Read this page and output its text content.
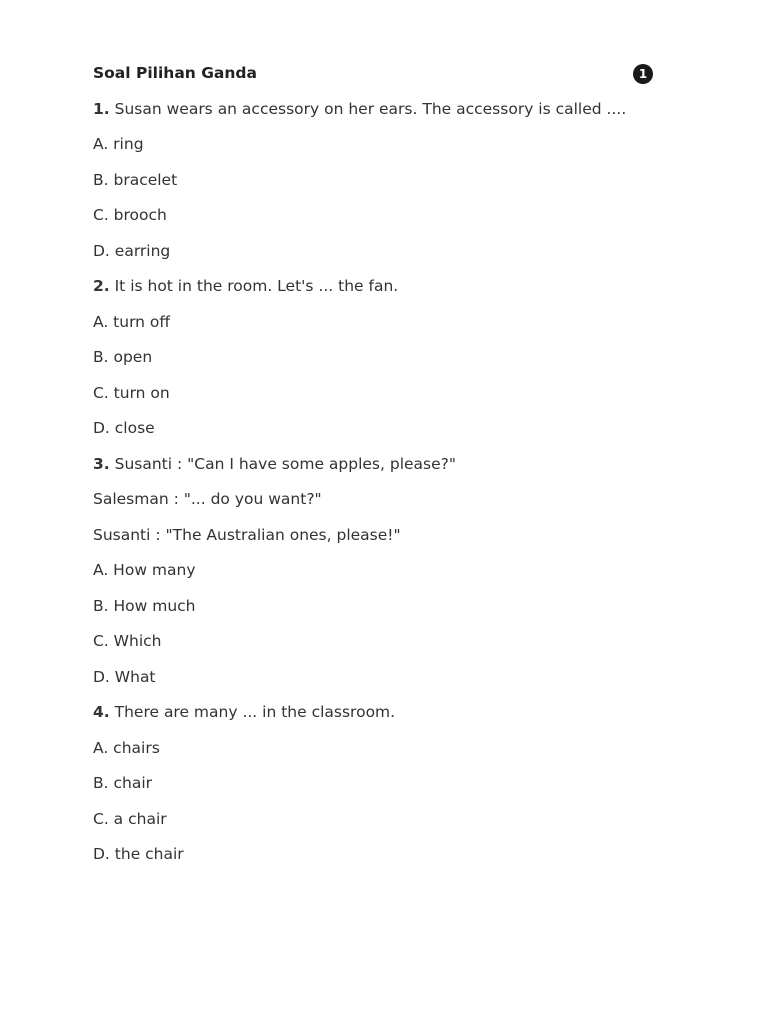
Soal Pilihan Ganda	1

1. Susan wears an accessory on her ears. The accessory is called ....

A. ring

B. bracelet

C. brooch

D. earring

2. It is hot in the room. Let's ... the fan.

A. turn off

B. open

C. turn on

D. close

3. Susanti : "Can I have some apples, please?"

Salesman : "... do you want?"

Susanti : "The Australian ones, please!"

A. How many

B. How much

C. Which

D. What

4. There are many ... in the classroom.

A. chairs

B. chair

C. a chair

D. the chair
